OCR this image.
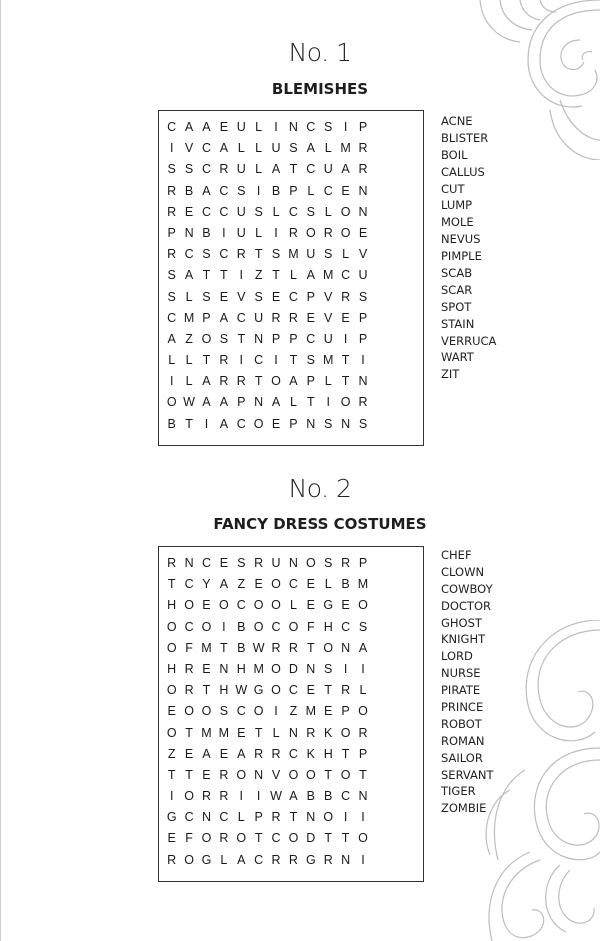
No. 1
BLEMISHES
C A A E U L I N C S I P
I V C A L L U S A L M R
S S C R U L A T C U A R
R B A C S I B P L C E N
R E C C U S L C S L O N
P N B I U L I R O R O E
R C S C R T S M U S L V
S A T T I Z T L A M C U
S L S E V S E C P V R S
C M P A C U R R E V E P
A Z O S T N P P C U I P
L L T R I C I T S M T I
I L A R R T O A P L T N
O W A A P N A L T I O R
B T I A C O E P N S N S
ACNE
BLISTER
BOIL
CALLUS
CUT
LUMP
MOLE
NEVUS
PIMPLE
SCAB
SCAR
SPOT
STAIN
VERRUCA
WART
ZIT
No. 2
FANCY DRESS COSTUMES
R N C E S R U N O S R P
T C Y A Z E O C E L B M
H O E O C O O L E G E O
O C O I B O C O F H C S
O F M T B W R R T O N A
H R E N H M O D N S I	I
O R T H W G O C E T R L
E O O S C O I Z M E P O
O T M M E T L N R K O R
Z E A E A R R C K H T P
T T E R O N V O O T O T
I O R R I	I W A B B C N
G C N C L P R T N O I	I
E F O R O T C O D T T O
R O G L A C R R G R N I
CHEF
CLOWN
COWBOY
DOCTOR
GHOST
KNIGHT
LORD
NURSE
PIRATE
PRINCE
ROBOT
ROMAN
SAILOR
SERVANT
TIGER
ZOMBIE
